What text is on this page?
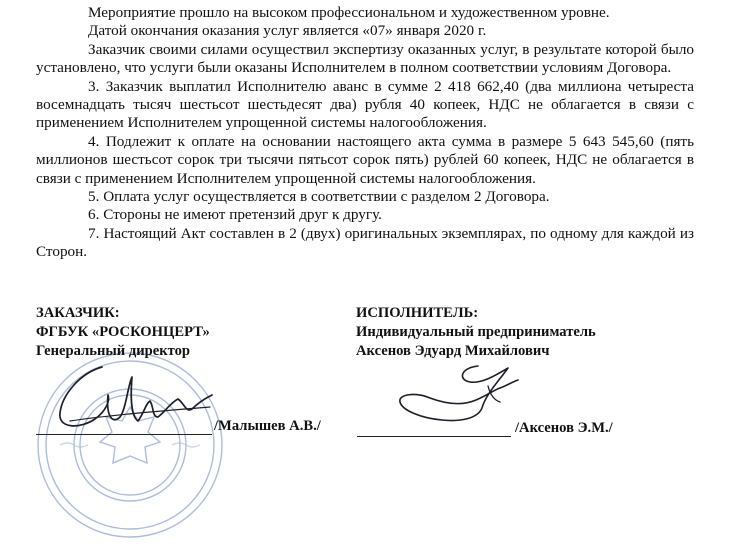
Мероприятие прошло на высоком профессиональном и художественном уровне.

Датой окончания оказания услуг является «07» января 2020 г.

Заказчик своими силами осуществил экспертизу оказанных услуг, в результате которой было установлено, что услуги были оказаны Исполнителем в полном соответствии условиям Договора.

3. Заказчик выплатил Исполнителю аванс в сумме 2 418 662,40 (два миллиона четыреста восемнадцать тысяч шестьсот шестьдесят два) рубля 40 копеек, НДС не облагается в связи с применением Исполнителем упрощенной системы налогообложения.

4. Подлежит к оплате на основании настоящего акта сумма в размере 5 643 545,60 (пять миллионов шестьсот сорок три тысячи пятьсот сорок пять) рублей 60 копеек, НДС не облагается в связи с применением Исполнителем упрощенной системы налогообложения.

5. Оплата услуг осуществляется в соответствии с разделом 2 Договора.

6. Стороны не имеют претензий друг к другу.

7. Настоящий Акт составлен в 2 (двух) оригинальных экземплярах, по одному для каждой из Сторон.

ЗАКАЗЧИК:
ФГБУК «РОСКОНЦЕРТ»
Генеральный директор
/Малышев А.В./
ИСПОЛНИТЕЛЬ:
Индивидуальный предприниматель
Аксенов Эдуард Михайлович
/Аксенов Э.М./
